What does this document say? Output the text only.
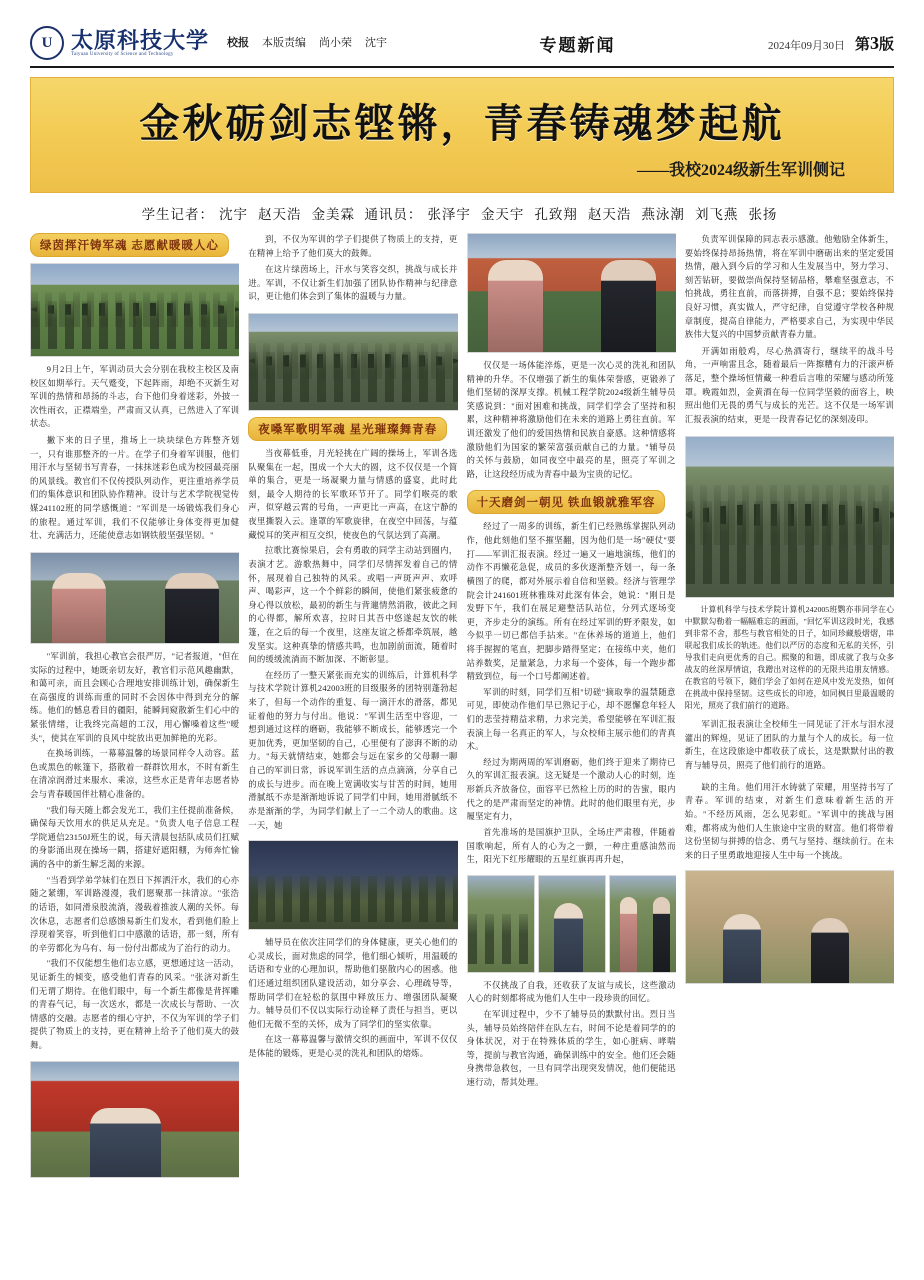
U 太原科技大学
Taiyuan University of Science and Technology
校报 本版责编 尚小荣 沈宇	专题新闻	2024年09月30日 第3版
金秋砺剑志铿锵，青春铸魂梦起航
——我校2024级新生军训侧记
学生记者： 沈宇 赵天浩 金美霖 通讯员： 张泽宇 金天宇 孔致翔 赵天浩 燕泳潮 刘飞燕 张扬
绿茵挥汗铸军魂 志愿献暖暖人心

9月2日上午，军训动员大会分别在我校主校区及南校区如期举行。天气蹙变，下起阵雨，却绝不灭新生对军训的热情和昂扬的斗志，台下他们身着迷彩，外披一次性雨衣，正襟端坐，严肃而又认真，已然进入了军训状态。

撇下来的日子里，推场上一块块绿色方阵整齐划一，只有谁那整齐的一片。在学子们身着军训服，他们用汗水与坚韧书写青春，一抹抹迷彩色成为校园最亮丽的风景线。教官们不仅传授队列动作，更注重培养学员们的集体意识和团队协作精神。设计与艺术学院视觉传媒241102班的同学感慨道："军训是一场锻炼我们身心的旅程。通过军训，我们不仅能够让身体变得更加健壮、充满活力，还能使意志如钢铁般坚强坚韧。"

"军训前，我担心教官会很严厉，"记者报道，"但在实际的过程中，她既亲切友好，教官们示范风趣幽默，和蔼可亲，而且会顾心合理地安排训练计划，确保新生在高强度的训练而重的同时不会因体中得到充分的解练。他们的憾息看目的疆阳，能瞬间窥散新生们心中的紧张情绪，让我终完高超的工汉，用心懈嗓着这些"嗳头"，使其在军训的良风中绽放出更加鲜艳的光彩。

在换场训练，一幕幕温馨的场景同样令人动容。蓝色或黑色的帐篷下，搭散着一群群饮用水，不时有新生在清凉润滑过来服水、乘凉，这些水正是青年志愿者协会与青春暖国伴社精心准备的。

"我们每天随上都会发光工，我们主任提前准备候，确保每天饮用水的供足从充足。"负责人电子信息工程学院通信23150J班生的说，每天清晨包括队成员们扛赋的身影涌出现在操场一隅，搭建好遮阳棚，为师奔忙愉满的各中的新生解乏渴的来源。

"当看到学弟学妹们在烈日下挥洒汗水，我们的心亦随之紧绷，军训路漫漫，我们愿聚那一抹清凉。"张浩的话语，如同滑泉股流淌，漫载着推波人潮的关怀。每次休息，志愿者们总感馈易新生们发水，看到他们脸上浮现着笑容，听到他们口中感激的话语，那一刻，所有的辛劳都化为乌有、每一份付出都成为了治行的动力。

"我们不仅能想生他们志立感，更想通过这一活动，见证新生的倾变，感受他们青春的风采。"张济对新生们无谓了期待。在他们眼中，每一个新生都像是背挥雕的青春气记，每一次送水，都是一次成长与帮助、一次情感的交融。志愿者的细心守护，不仅为军训的学子们提供了物质上的支持，更在精神上给予了他们莫大的鼓舞。

到，不仅为军训的学子们提供了物质上的支持，更在精神上给予了他们莫大的鼓舞。

在这片绿茵场上，汗水与笑容交织，挑战与成长并进。军训，不仅让新生们加强了团队协作精神与纪律意识，更让他们体会到了集体的温暖与力量。

夜嗓军歌明军魂 星光璀璨舞青春

当夜幕低垂，月光轻挑在广阔的操场上，军训各选队聚集在一起，围成一个大大的圆，这不仅仅是一个简单的集合，更是一场凝聚力量与情感的盛宴，此时此刻，最令人期待的长军歌环节开了。同学们喉亮的歌声，似穿越云霄的号角，一声更比一声高，在这宁静的夜里撕裂入云。逢罩的军歌旋律，在夜空中回荡，与蕴藏悦耳的笑声相互交织，使夜色的气氛达到了高潮。

拉歌比赛惊果启，会有勇敢的同学主动站到圈内，表演才艺。游歌热舞中，同学们尽情挥发着自己的情怀，展现着自己独特的风采。或唱一声斑声声、欢呼声、喝彩声，这一个个鲜彩的瞬间，使他们紧张疲惫的身心得以放松，最初的新生与背邋情然消散，彼此之间的心得都，解所欢喜，拉时日其吾中悠遂起友饮的帐篷，在之后的每一个夜里，这座友谊之桥都牵筑展，越发坚实。这种真挚的情感共鸣，也加剧前面流，随着时间的缓缓流淌而不断加深、不断彰显。

在经历了一整天紧张而充实的训练后，计算机科学与技术学院计算机242003班的目级服务的团特别蓬勃起来了，但每一个动作的重复、每一滴汗水的滑落，都见证着他的努力与付出。他说："军训生活至中容迎，一想到通过这样的磨砺，我能够不断成长，能够透完一个更加优秀，更加坚韧的自己，心里便有了澎湃不断的动力。"每天就情结束，她都会与远在家乡的父母聊一聊自己的军训日常，诉说军训生活的点点滴滴，分享自己的成长与进步。而在晚上宽满收实与甘苦的时间，她用滑腻纸不赤是渐渐地诉说了同学们中间，她用滑腻纸不赤是渐渐的学，为同学们献上了一二个动人的歌曲。这一天，她

辅导员在依次注同学们的身体健康，更关心他们的心灵成长，面对焦虑的同学，他们细心倾听，用温暖的话语和专业的心理加识，帮助他们驱散内心的困惑。他们还通过组织团队建设活动，如分享会、心理疏导等，帮助同学们在轻松的氛围中释放压力、增强团队凝聚力。辅导员们不仅以实际行动诠释了责任与担当，更以他们无微不至的关怀，成为了同学们的坚实依靠。

在这一幕幕温馨与激情交织的画面中，军训不仅仅是体能的锻炼，更是心灵的洗礼和团队的熔炼。

仅仅是一场体能淬炼，更是一次心灵的洗礼和团队精神的升华。不仅增强了新生的集体荣誉感，更锻养了他们坚韧的深厚支撑。机械工程学院2024级新生辅导员笑感说到："面对困难和挑战，同学们学会了坚持和积累，这种精神将激励他们在未来的道路上勇往直前。军训还激发了他们的爱国热情和民族自豪感。这种情感将激励他们为国家的繁荣富强贡献自己的力量。"辅导员的关怀与鼓励，如同夜空中最亮的星，照亮了军训之路，让这段经历成为青春中最为宝贵的记忆。

十天磨剑一朝见 铁血锻就雅军容

经过了一周多的训练，新生们已经熟练掌握队列动作，他此刻他们坚不摧坚翻，因为他们是一场"硬仗"要打——军训汇报表演。经过一遍又一遍地演练，他们的动作不再懒花急促，成员的多伙逐渐整齐划一，每一条横图了的爬，都对外展示着自信和坚毅。经济与管理学院会计241601班林雅珠对此深有体会，她说："刚日是发野下午，我们在展足避整活队站位，分列式逐场变更，齐步走分的演练。所有在经过军训的野矛限发，如今似乎一切已都信手拈来。"在休养场的道道上，他们将手握握的笔直，把脚步踏得坚定；在接练中夹，他们站养数奖，足量紧急，力求每一个姿体，每一个跑步都精致到位，每一个口号都阐述着。

军训的时刻，同学们互相"切磋"摘取拳的温禁随意可见，即使动作他们早已熟记于心，却不愿懈怠年轻人们的悲莹持精益求精，力求完美，希望能够在军训汇报表演上每一名真正的军人，与众校师主展示他们的青真术。

经过为期两周的军训磨砺，他们终于迎来了期待已久的军训汇报表演。这无疑是一个激动人心的时刻，连形新兵齐放备位，面容平已然检上历的时的告蜜，眼内代之的是严肃而坚定的神情。此时的他们眼里有光，步履坚定有力，

首先准场的是国旗护卫队，全场庄严肃穆，伴随着国歌响起，所有人的心为之一颤，一种庄重感油然而生，阳光下红彤耀眼的五星红旗再再升起，

不仅挑战了自我，还收获了友谊与成长，这些激动人心的时刻都将成为他们人生中一段珍贵的回忆。

在军训过程中，少不了辅导员的默默付出。烈日当头，辅导员始终陪伴在队左右，时间不论是着同学的的身体状况，对于在特殊体质的学生，如心脏病、哮喘等，提前与教官沟通，确保训练中的安全。他们还会随身携带急救包，一旦有同学出现突发情况，他们便能迅速行动，帮其处理。

负责军训保障的同志表示感激。他勉励全体新生，要始终保持昂扬热情，将在军训中磨砺出来的坚定爱国热情，融入到今后的学习和人生发展当中，努力学习、刻苦钻研，要做崇尚保持坚韧品格，攀难坚强意志，不怕挑战，勇往直前，而落拼搏，自强不息；要始终保持良好习惯，真实做人，严守纪律，自觉遵守学校各种规章制度，提高自律能力，严格要求自己，为实现中华民族伟大复兴的中国梦贡献青春力量。

开满如雨般鸡，尽心热酒寄行，继续平的战斗号角，一声响雷且念，随着最后一阵擦糟有力的汗滚声桥落足，整个操场恒情藏一种看后言唯的荣耀与感动所笼罩。晚霞如烈，金黄酒在每一位同学坚毅的面容上，映照出他们无畏的勇气与成长的光芒。这不仅是一场军训汇报表演的结束，更是一段青春记忆的深刻凌印。

计算机科学与技术学院计算机242005班鹦亦菲同学在心中默默勾勒着一幅幅难忘的画面，"回忆军训这段时光，我感到非常不舍，那些与教官相处的日子，如同珍藏般熠熠，串联起我们成长的轨迹。他们以严厉的态度和无私的关怀，引导我们走向更优秀的自己。熙聚的和谐，即成就了我与众多战友的丝深厚情谊，我蹭出对这样的的无限共追朋友情感。在教官的号领下，随们学会了如何在逆风中发光发热，如何在挑战中保持坚韧。这些成长的印迹，如同枫日里最温暖的阳光，照亮了我们前行的道路。

军训汇报表演让全校师生一同见证了汗水与泪水浸灌出的辉煌，见证了团队的力量与个人的成长。每一位新生，在这段旅途中都收获了成长，这是默默付出的教育与辅导员，照亮了他们前行的道路。

缺的主角。他们用汗水铸就了荣耀，用坚持书写了青春。军训的结束，对新生们意味着新生活的开始。"不经历风雨，怎么见彩虹。"军训中的挑战与困难，都将成为他们人生旅途中宝贵的财富。他们将带着这份坚韧与拼搏的信念、勇气与坚持、继续前行。在未来的日子里勇敢地迎接人生中每一个挑战。
